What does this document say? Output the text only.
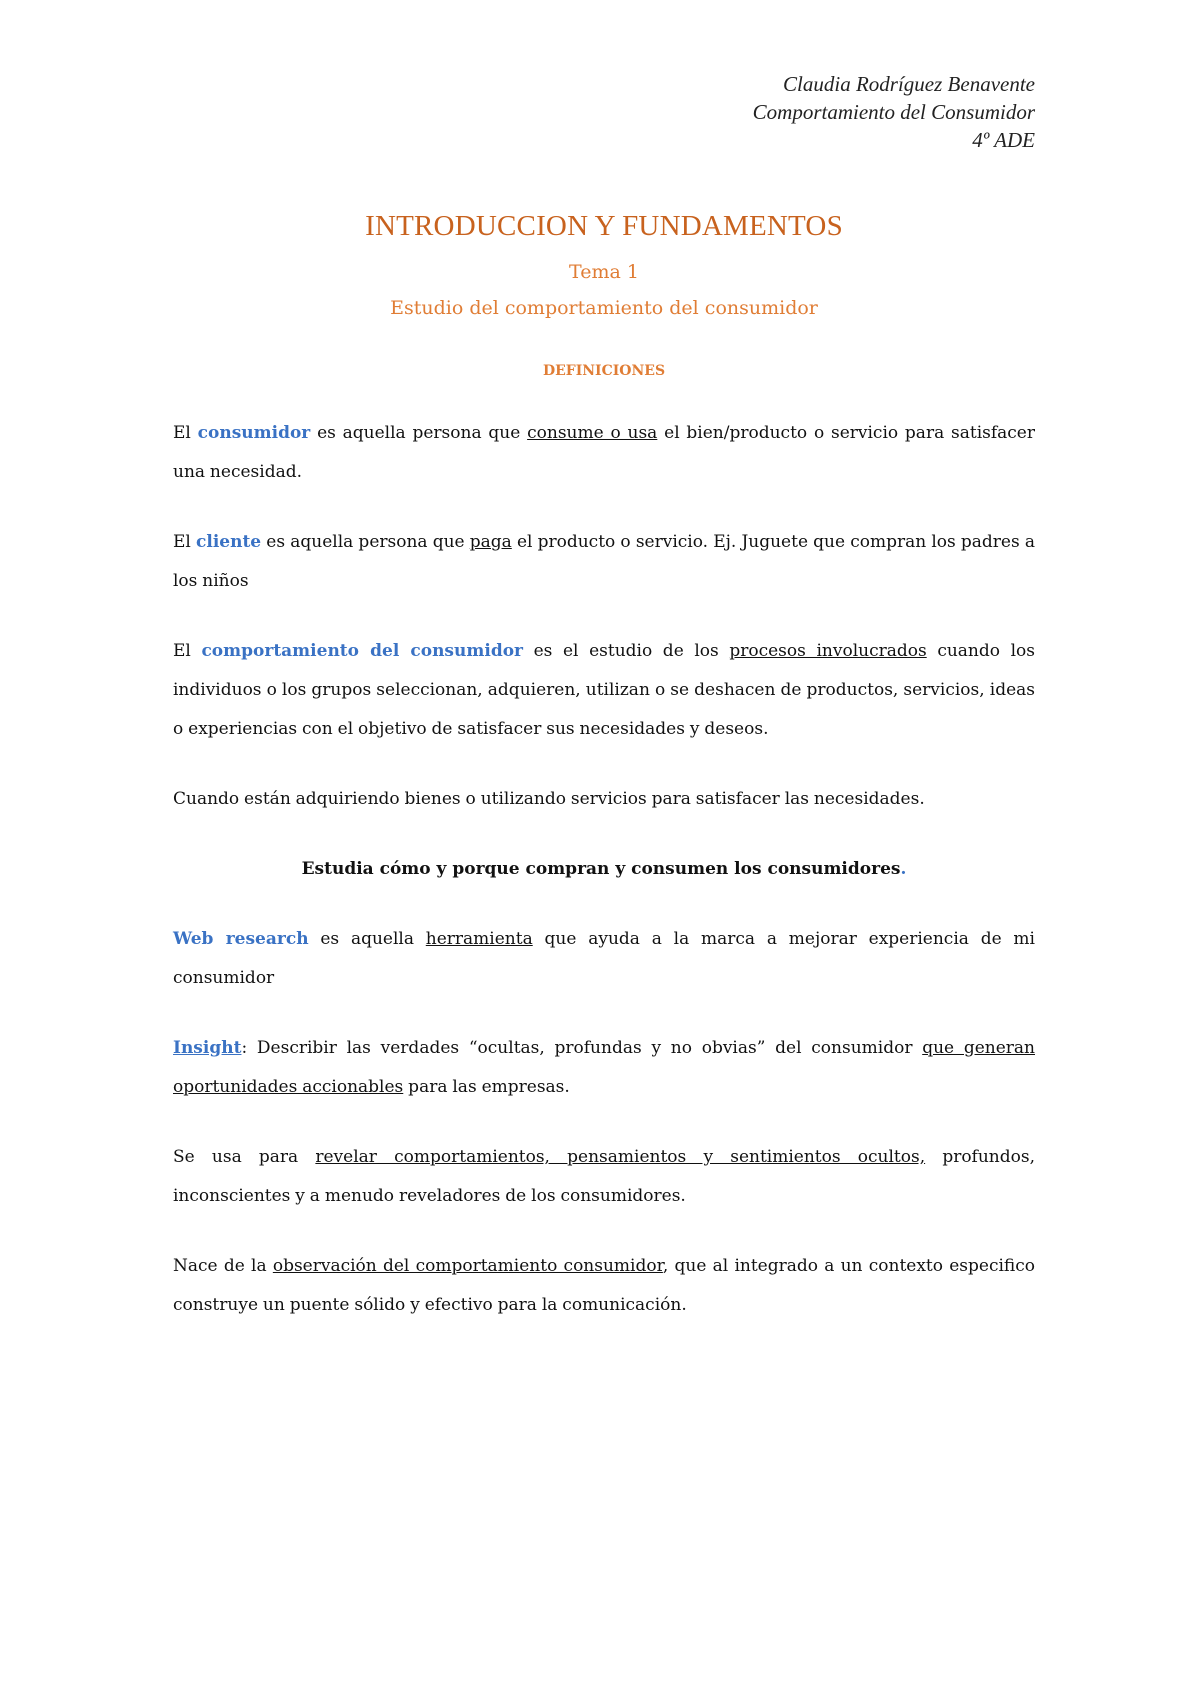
Claudia Rodríguez Benavente
Comportamiento del Consumidor
4º ADE
INTRODUCCION Y FUNDAMENTOS
Tema 1
Estudio del comportamiento del consumidor
DEFINICIONES
El consumidor es aquella persona que consume o usa el bien/producto o servicio para satisfacer una necesidad.
El cliente es aquella persona que paga el producto o servicio. Ej. Juguete que compran los padres a los niños
El comportamiento del consumidor es el estudio de los procesos involucrados cuando los individuos o los grupos seleccionan, adquieren, utilizan o se deshacen de productos, servicios, ideas o experiencias con el objetivo de satisfacer sus necesidades y deseos.
Cuando están adquiriendo bienes o utilizando servicios para satisfacer las necesidades.
Estudia cómo y porque compran y consumen los consumidores.
Web research es aquella herramienta que ayuda a la marca a mejorar experiencia de mi consumidor
Insight: Describir las verdades “ocultas, profundas y no obvias” del consumidor que generan oportunidades accionables para las empresas.
Se usa para revelar comportamientos, pensamientos y sentimientos ocultos, profundos, inconscientes y a menudo reveladores de los consumidores.
Nace de la observación del comportamiento consumidor, que al integrado a un contexto especifico construye un puente sólido y efectivo para la comunicación.
